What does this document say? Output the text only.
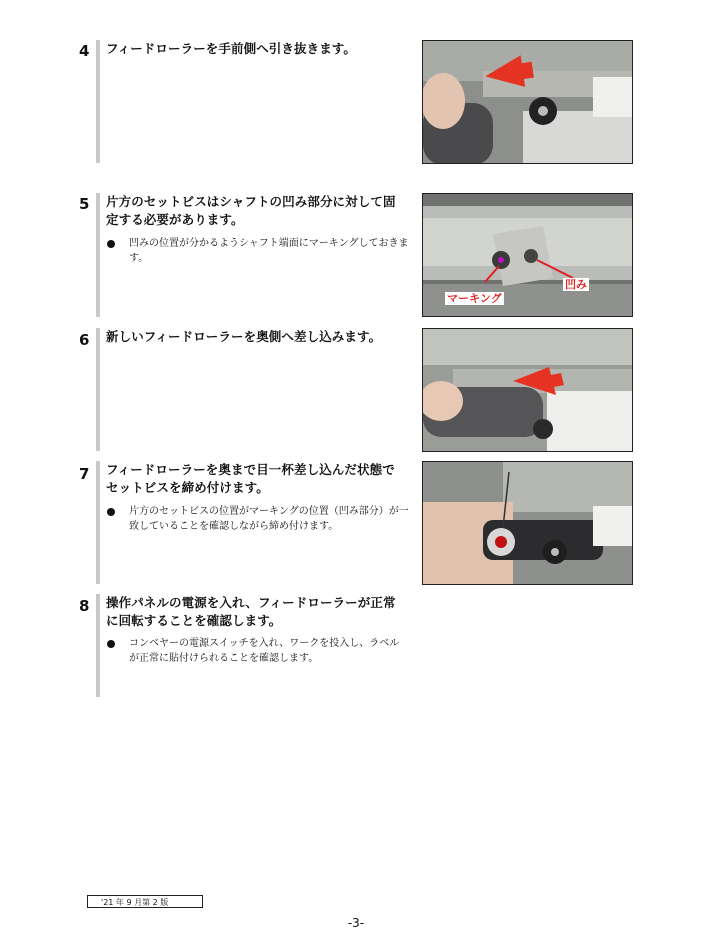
4 フィードローラーを手前側へ引き抜きます。
5 片方のセットビスはシャフトの凹み部分に対して固定する必要があります。
凹みの位置が分かるようシャフト端面にマーキングしておきます。
マーキング
凹み
6 新しいフィードローラーを奥側へ差し込みます。
7 フィードローラーを奥まで目一杯差し込んだ状態でセットビスを締め付けます。
片方のセットビスの位置がマーキングの位置（凹み部分）が一致していることを確認しながら締め付けます。
8 操作パネルの電源を入れ、フィードローラーが正常に回転することを確認します。
コンベヤーの電源スイッチを入れ、ワークを投入し、ラベルが正常に貼付けられることを確認します。
'21 年 9 月第 2 版
-3-
